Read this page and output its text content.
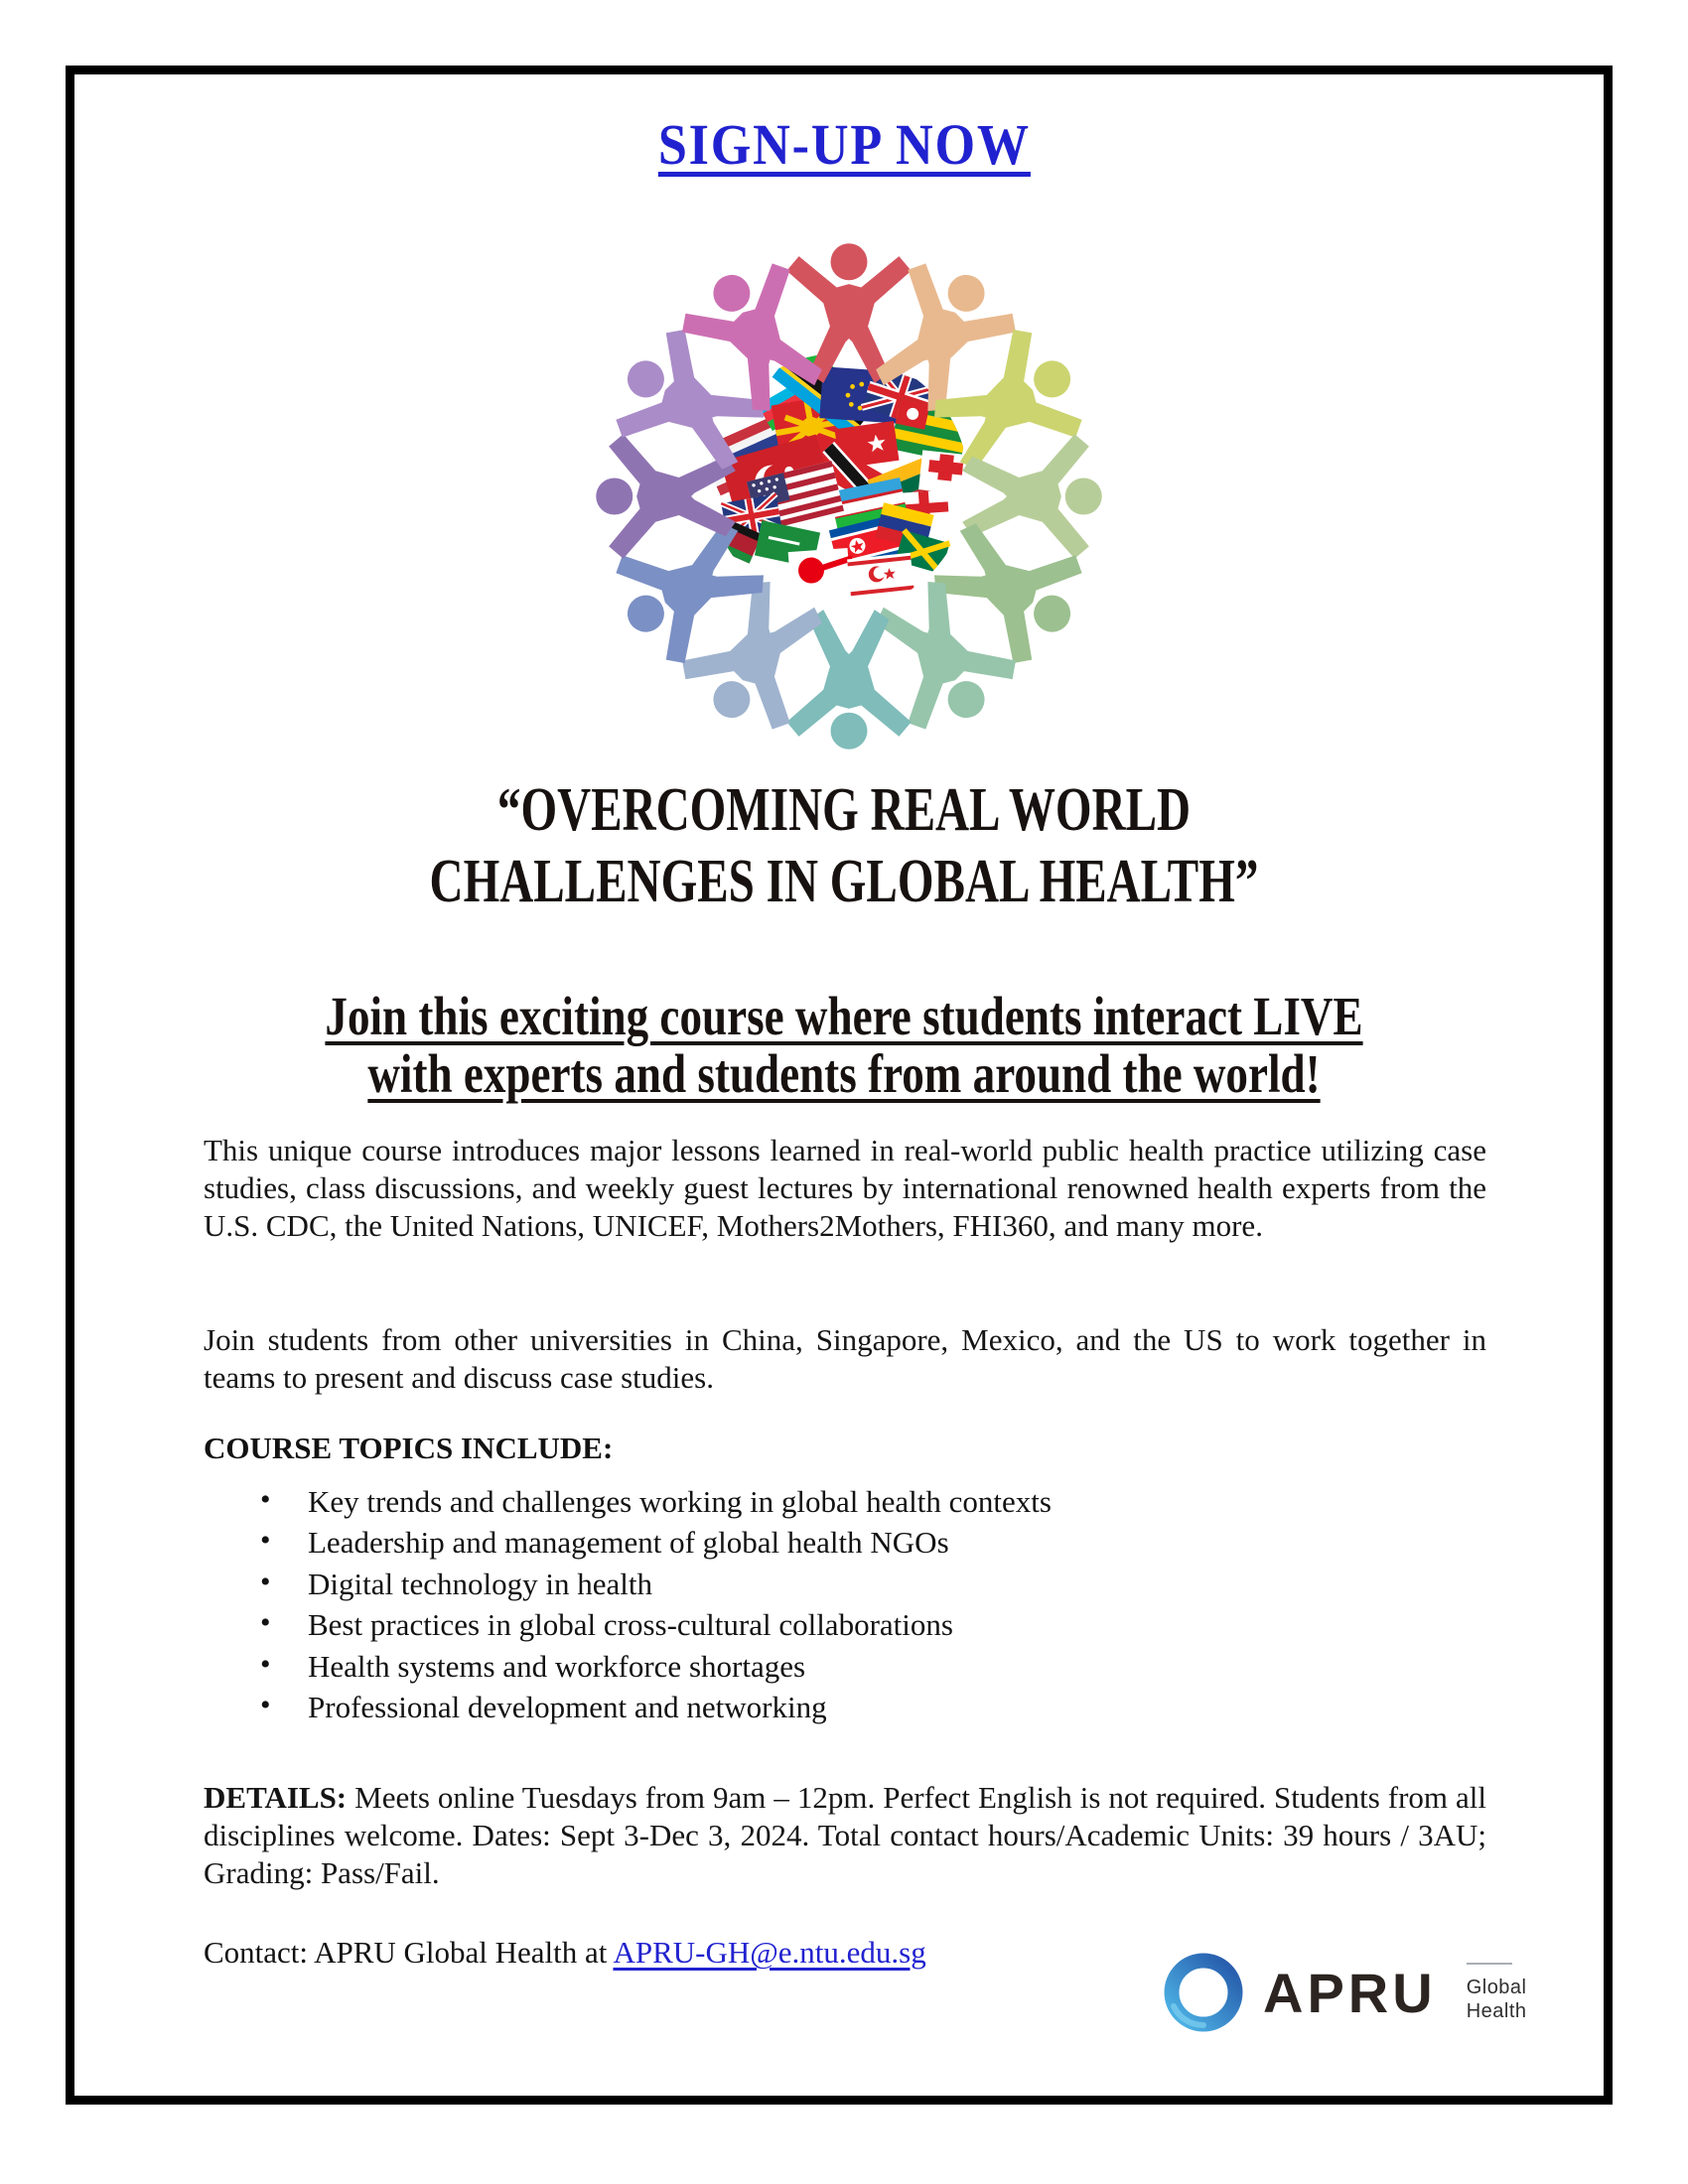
SIGN-UP NOW
“OVERCOMING REAL WORLD
CHALLENGES IN GLOBAL HEALTH”
Join this exciting course where students interact LIVE
with experts and students from around the world!

This unique course introduces major lessons learned in real-world public health practice utilizing case studies, class discussions, and weekly guest lectures by international renowned health experts from the U.S. CDC, the United Nations, UNICEF, Mothers2Mothers, FHI360, and many more.

Join students from other universities in China, Singapore, Mexico, and the US to work together in teams to present and discuss case studies.

COURSE TOPICS INCLUDE:
• Key trends and challenges working in global health contexts
• Leadership and management of global health NGOs
• Digital technology in health
• Best practices in global cross-cultural collaborations
• Health systems and workforce shortages
• Professional development and networking

DETAILS: Meets online Tuesdays from 9am – 12pm. Perfect English is not required. Students from all disciplines welcome. Dates: Sept 3-Dec 3, 2024. Total contact hours/Academic Units: 39 hours / 3AU; Grading: Pass/Fail.

Contact: APRU Global Health at APRU-GH@e.ntu.edu.sg

APRU Global
Health
